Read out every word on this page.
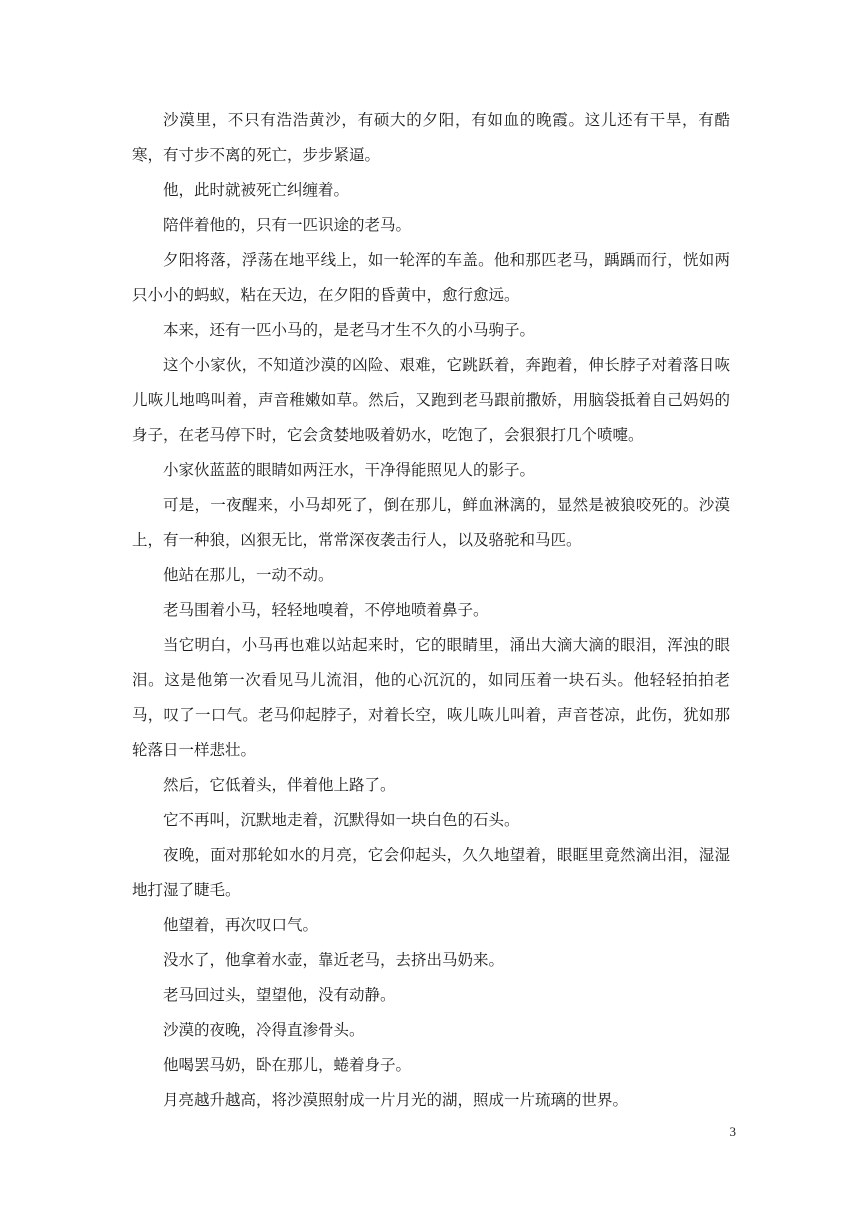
沙漠里，不只有浩浩黄沙，有硕大的夕阳，有如血的晚霞。这儿还有干旱，有酷寒，有寸步不离的死亡，步步紧逼。

他，此时就被死亡纠缠着。

陪伴着他的，只有一匹识途的老马。

夕阳将落，浮荡在地平线上，如一轮浑的车盖。他和那匹老马，踽踽而行，恍如两只小小的蚂蚁，粘在天边，在夕阳的昏黄中，愈行愈远。

本来，还有一匹小马的，是老马才生不久的小马驹子。

这个小家伙，不知道沙漠的凶险、艰难，它跳跃着，奔跑着，伸长脖子对着落日咴儿咴儿地鸣叫着，声音稚嫩如草。然后，又跑到老马跟前撒娇，用脑袋抵着自己妈妈的身子，在老马停下时，它会贪婪地吸着奶水，吃饱了，会狠狠打几个喷嚏。

小家伙蓝蓝的眼睛如两汪水，干净得能照见人的影子。

可是，一夜醒来，小马却死了，倒在那儿，鲜血淋漓的，显然是被狼咬死的。沙漠上，有一种狼，凶狠无比，常常深夜袭击行人，以及骆驼和马匹。

他站在那儿，一动不动。

老马围着小马，轻轻地嗅着，不停地喷着鼻子。

当它明白，小马再也难以站起来时，它的眼睛里，涌出大滴大滴的眼泪，浑浊的眼泪。这是他第一次看见马儿流泪，他的心沉沉的，如同压着一块石头。他轻轻拍拍老马，叹了一口气。老马仰起脖子，对着长空，咴儿咴儿叫着，声音苍凉，此伤，犹如那轮落日一样悲壮。

然后，它低着头，伴着他上路了。

它不再叫，沉默地走着，沉默得如一块白色的石头。

夜晚，面对那轮如水的月亮，它会仰起头，久久地望着，眼眶里竟然滴出泪，湿湿地打湿了睫毛。

他望着，再次叹口气。

没水了，他拿着水壶，靠近老马，去挤出马奶来。

老马回过头，望望他，没有动静。

沙漠的夜晚，冷得直渗骨头。

他喝罢马奶，卧在那儿，蜷着身子。

月亮越升越高，将沙漠照射成一片月光的湖，照成一片琉璃的世界。

3
